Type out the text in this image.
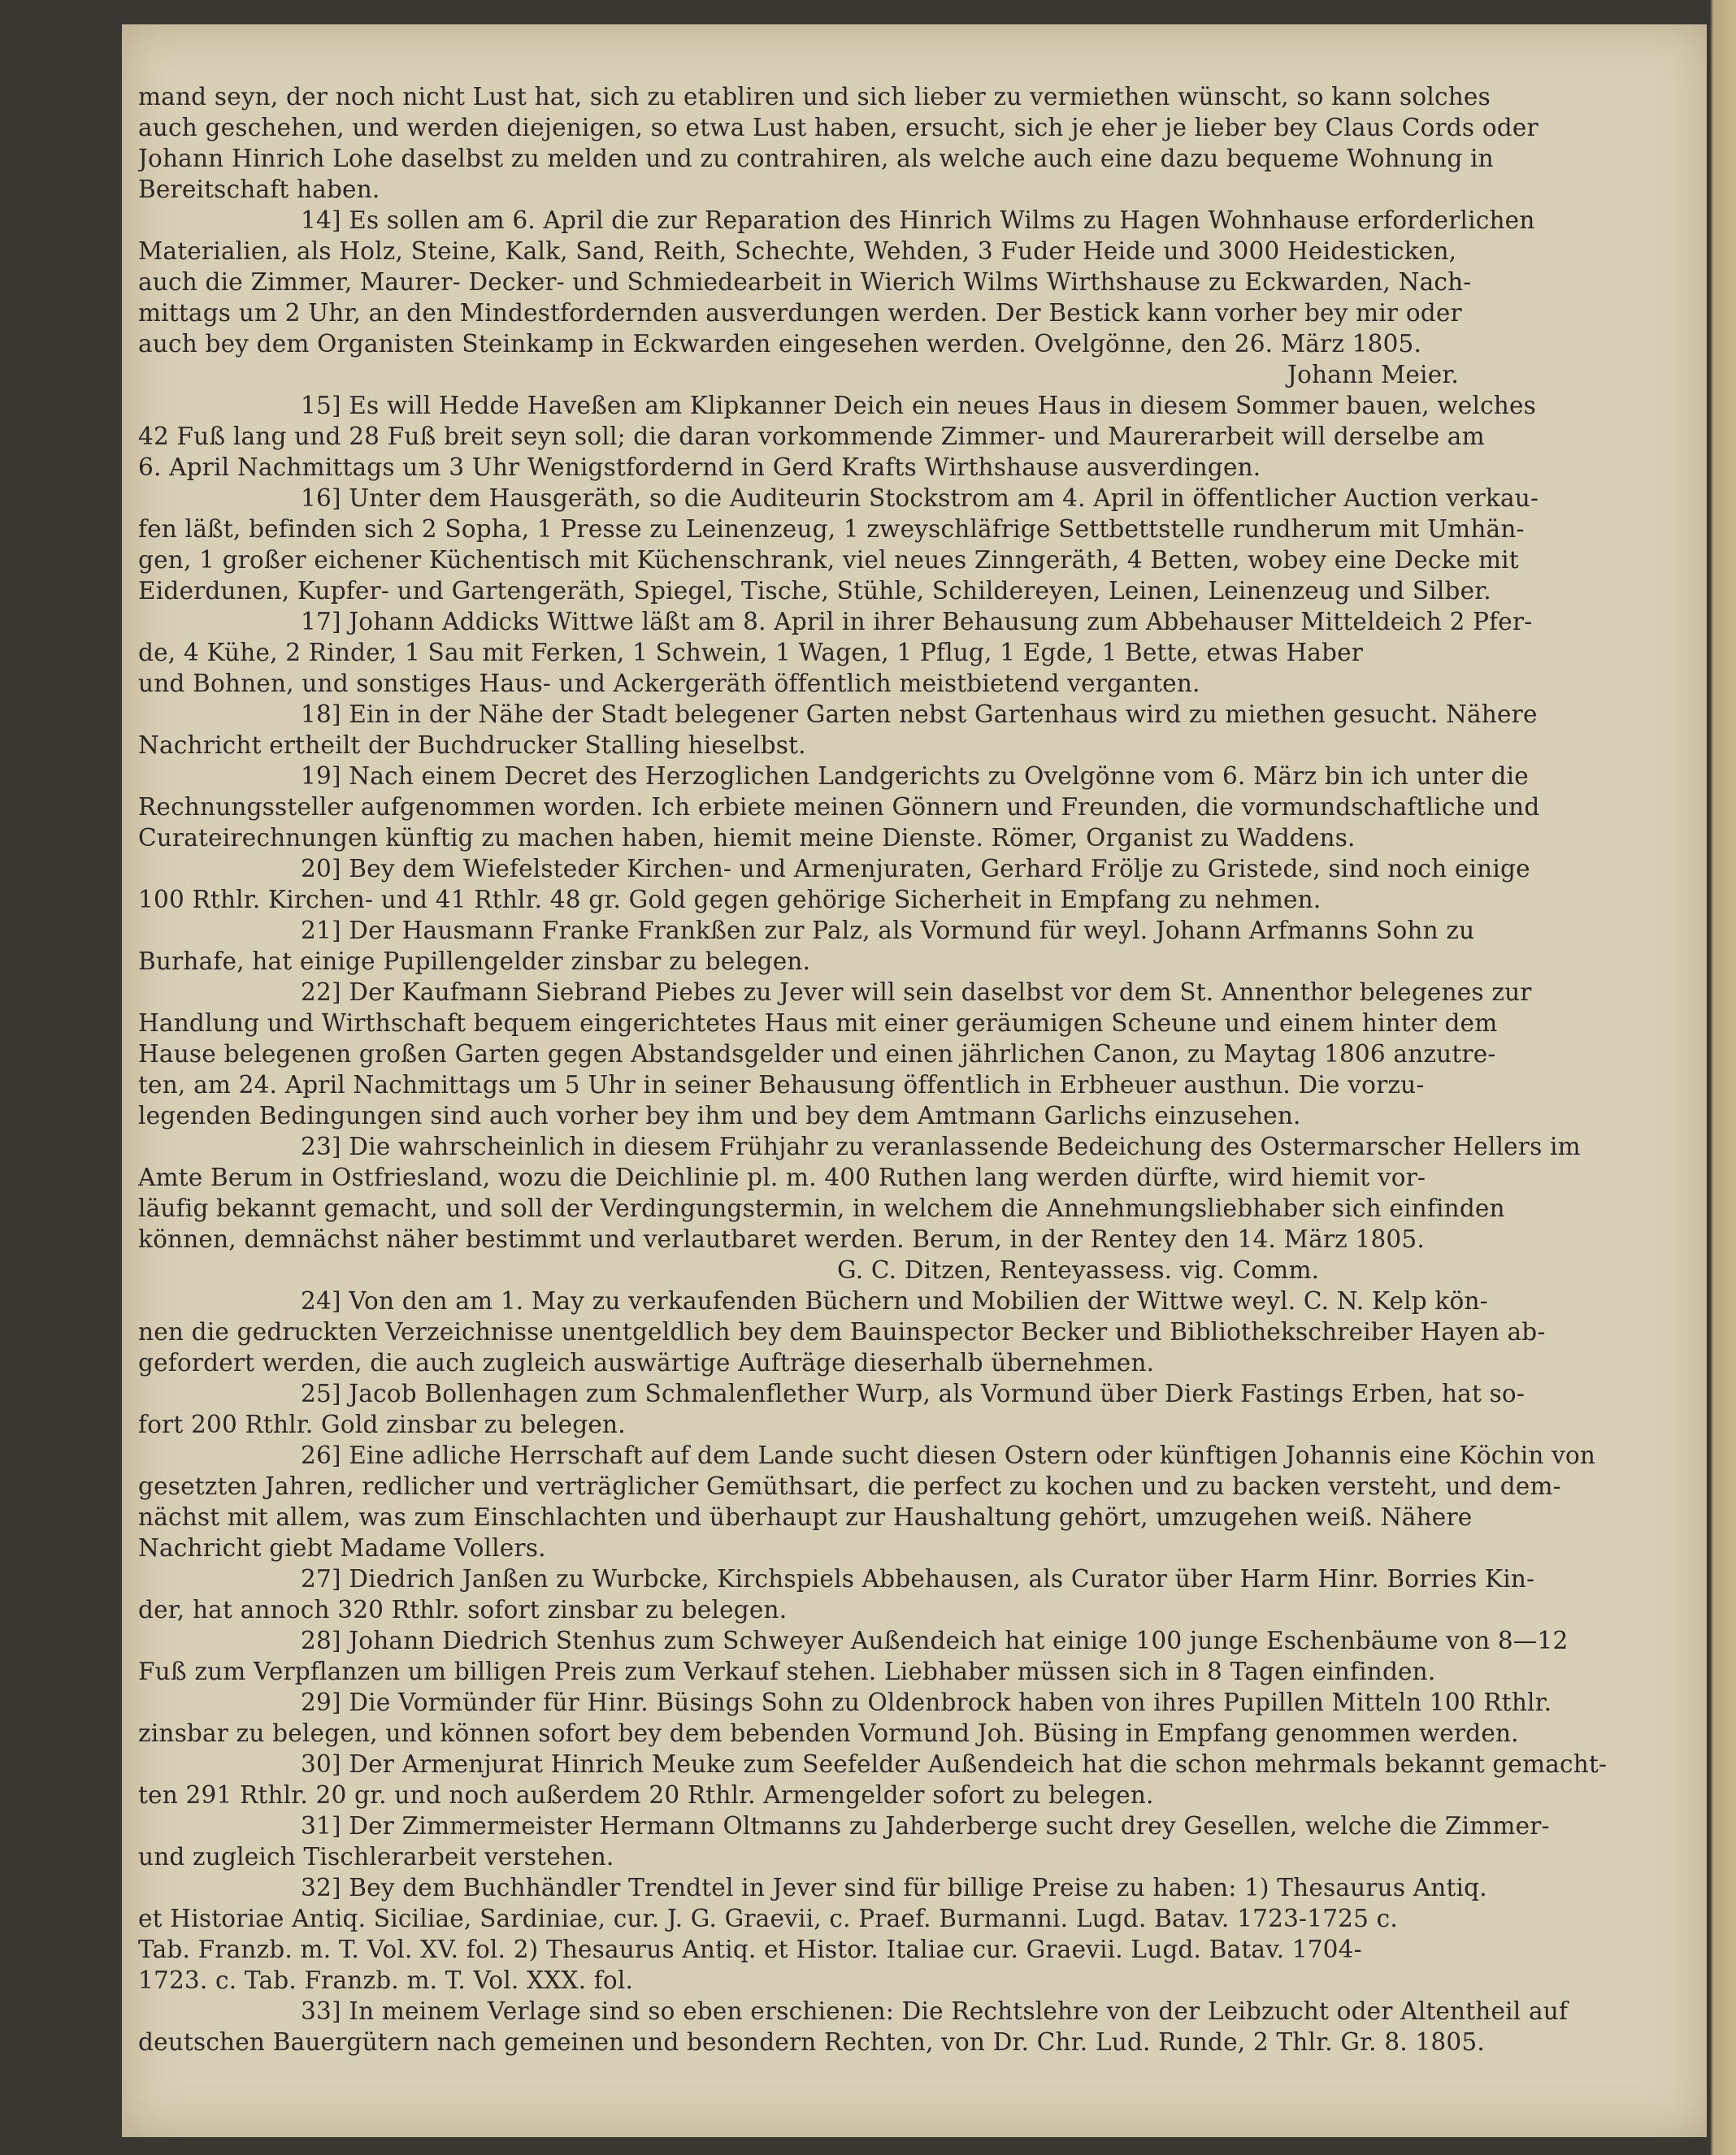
mand seyn, der noch nicht Lust hat, sich zu etabliren und sich lieber zu vermiethen wünscht, so kann solches
auch geschehen, und werden diejenigen, so etwa Lust haben, ersucht, sich je eher je lieber bey Claus Cords oder
Johann Hinrich Lohe daselbst zu melden und zu contrahiren, als welche auch eine dazu bequeme Wohnung in
Bereitschaft haben.
14] Es sollen am 6. April die zur Reparation des Hinrich Wilms zu Hagen Wohnhause erforderlichen
Materialien, als Holz, Steine, Kalk, Sand, Reith, Schechte, Wehden, 3 Fuder Heide und 3000 Heidesticken,
auch die Zimmer, Maurer- Decker- und Schmiedearbeit in Wierich Wilms Wirthshause zu Eckwarden, Nach-
mittags um 2 Uhr, an den Mindestfordernden ausverdungen werden. Der Bestick kann vorher bey mir oder
auch bey dem Organisten Steinkamp in Eckwarden eingesehen werden. Ovelgönne, den 26. März 1805.
Johann Meier.
15] Es will Hedde Haveßen am Klipkanner Deich ein neues Haus in diesem Sommer bauen, welches
42 Fuß lang und 28 Fuß breit seyn soll; die daran vorkommende Zimmer- und Maurerarbeit will derselbe am
6. April Nachmittags um 3 Uhr Wenigstfordernd in Gerd Krafts Wirthshause ausverdingen.
16] Unter dem Hausgeräth, so die Auditeurin Stockstrom am 4. April in öffentlicher Auction verkau-
fen läßt, befinden sich 2 Sopha, 1 Presse zu Leinenzeug, 1 zweyschläfrige Settbettstelle rundherum mit Umhän-
gen, 1 großer eichener Küchentisch mit Küchenschrank, viel neues Zinngeräth, 4 Betten, wobey eine Decke mit
Eiderdunen, Kupfer- und Gartengeräth, Spiegel, Tische, Stühle, Schildereyen, Leinen, Leinenzeug und Silber.
17] Johann Addicks Wittwe läßt am 8. April in ihrer Behausung zum Abbehauser Mitteldeich 2 Pfer-
de, 4 Kühe, 2 Rinder, 1 Sau mit Ferken, 1 Schwein, 1 Wagen, 1 Pflug, 1 Egde, 1 Bette, etwas Haber
und Bohnen, und sonstiges Haus- und Ackergeräth öffentlich meistbietend verganten.
18] Ein in der Nähe der Stadt belegener Garten nebst Gartenhaus wird zu miethen gesucht. Nähere
Nachricht ertheilt der Buchdrucker Stalling hieselbst.
19] Nach einem Decret des Herzoglichen Landgerichts zu Ovelgönne vom 6. März bin ich unter die
Rechnungssteller aufgenommen worden. Ich erbiete meinen Gönnern und Freunden, die vormundschaftliche und
Curateirechnungen künftig zu machen haben, hiemit meine Dienste. Römer, Organist zu Waddens.
20] Bey dem Wiefelsteder Kirchen- und Armenjuraten, Gerhard Frölje zu Gristede, sind noch einige
100 Rthlr. Kirchen- und 41 Rthlr. 48 gr. Gold gegen gehörige Sicherheit in Empfang zu nehmen.
21] Der Hausmann Franke Frankßen zur Palz, als Vormund für weyl. Johann Arfmanns Sohn zu
Burhafe, hat einige Pupillengelder zinsbar zu belegen.
22] Der Kaufmann Siebrand Piebes zu Jever will sein daselbst vor dem St. Annenthor belegenes zur
Handlung und Wirthschaft bequem eingerichtetes Haus mit einer geräumigen Scheune und einem hinter dem
Hause belegenen großen Garten gegen Abstandsgelder und einen jährlichen Canon, zu Maytag 1806 anzutre-
ten, am 24. April Nachmittags um 5 Uhr in seiner Behausung öffentlich in Erbheuer austhun. Die vorzu-
legenden Bedingungen sind auch vorher bey ihm und bey dem Amtmann Garlichs einzusehen.
23] Die wahrscheinlich in diesem Frühjahr zu veranlassende Bedeichung des Ostermarscher Hellers im
Amte Berum in Ostfriesland, wozu die Deichlinie pl. m. 400 Ruthen lang werden dürfte, wird hiemit vor-
läufig bekannt gemacht, und soll der Verdingungstermin, in welchem die Annehmungsliebhaber sich einfinden
können, demnächst näher bestimmt und verlautbaret werden. Berum, in der Rentey den 14. März 1805.
G. C. Ditzen, Renteyassess. vig. Comm.
24] Von den am 1. May zu verkaufenden Büchern und Mobilien der Wittwe weyl. C. N. Kelp kön-
nen die gedruckten Verzeichnisse unentgeldlich bey dem Bauinspector Becker und Bibliothekschreiber Hayen ab-
gefordert werden, die auch zugleich auswärtige Aufträge dieserhalb übernehmen.
25] Jacob Bollenhagen zum Schmalenflether Wurp, als Vormund über Dierk Fastings Erben, hat so-
fort 200 Rthlr. Gold zinsbar zu belegen.
26] Eine adliche Herrschaft auf dem Lande sucht diesen Ostern oder künftigen Johannis eine Köchin von
gesetzten Jahren, redlicher und verträglicher Gemüthsart, die perfect zu kochen und zu backen versteht, und dem-
nächst mit allem, was zum Einschlachten und überhaupt zur Haushaltung gehört, umzugehen weiß. Nähere
Nachricht giebt Madame Vollers.
27] Diedrich Janßen zu Wurbcke, Kirchspiels Abbehausen, als Curator über Harm Hinr. Borries Kin-
der, hat annoch 320 Rthlr. sofort zinsbar zu belegen.
28] Johann Diedrich Stenhus zum Schweyer Außendeich hat einige 100 junge Eschenbäume von 8—12
Fuß zum Verpflanzen um billigen Preis zum Verkauf stehen. Liebhaber müssen sich in 8 Tagen einfinden.
29] Die Vormünder für Hinr. Büsings Sohn zu Oldenbrock haben von ihres Pupillen Mitteln 100 Rthlr.
zinsbar zu belegen, und können sofort bey dem bebenden Vormund Joh. Büsing in Empfang genommen werden.
30] Der Armenjurat Hinrich Meuke zum Seefelder Außendeich hat die schon mehrmals bekannt gemacht-
ten 291 Rthlr. 20 gr. und noch außerdem 20 Rthlr. Armengelder sofort zu belegen.
31] Der Zimmermeister Hermann Oltmanns zu Jahderberge sucht drey Gesellen, welche die Zimmer-
und zugleich Tischlerarbeit verstehen.
32] Bey dem Buchhändler Trendtel in Jever sind für billige Preise zu haben: 1) Thesaurus Antiq.
et Historiae Antiq. Siciliae, Sardiniae, cur. J. G. Graevii, c. Praef. Burmanni. Lugd. Batav. 1723-1725 c.
Tab. Franzb. m. T. Vol. XV. fol. 2) Thesaurus Antiq. et Histor. Italiae cur. Graevii. Lugd. Batav. 1704-
1723. c. Tab. Franzb. m. T. Vol. XXX. fol.
33] In meinem Verlage sind so eben erschienen: Die Rechtslehre von der Leibzucht oder Altentheil auf
deutschen Bauergütern nach gemeinen und besondern Rechten, von Dr. Chr. Lud. Runde, 2 Thlr. Gr. 8. 1805.
